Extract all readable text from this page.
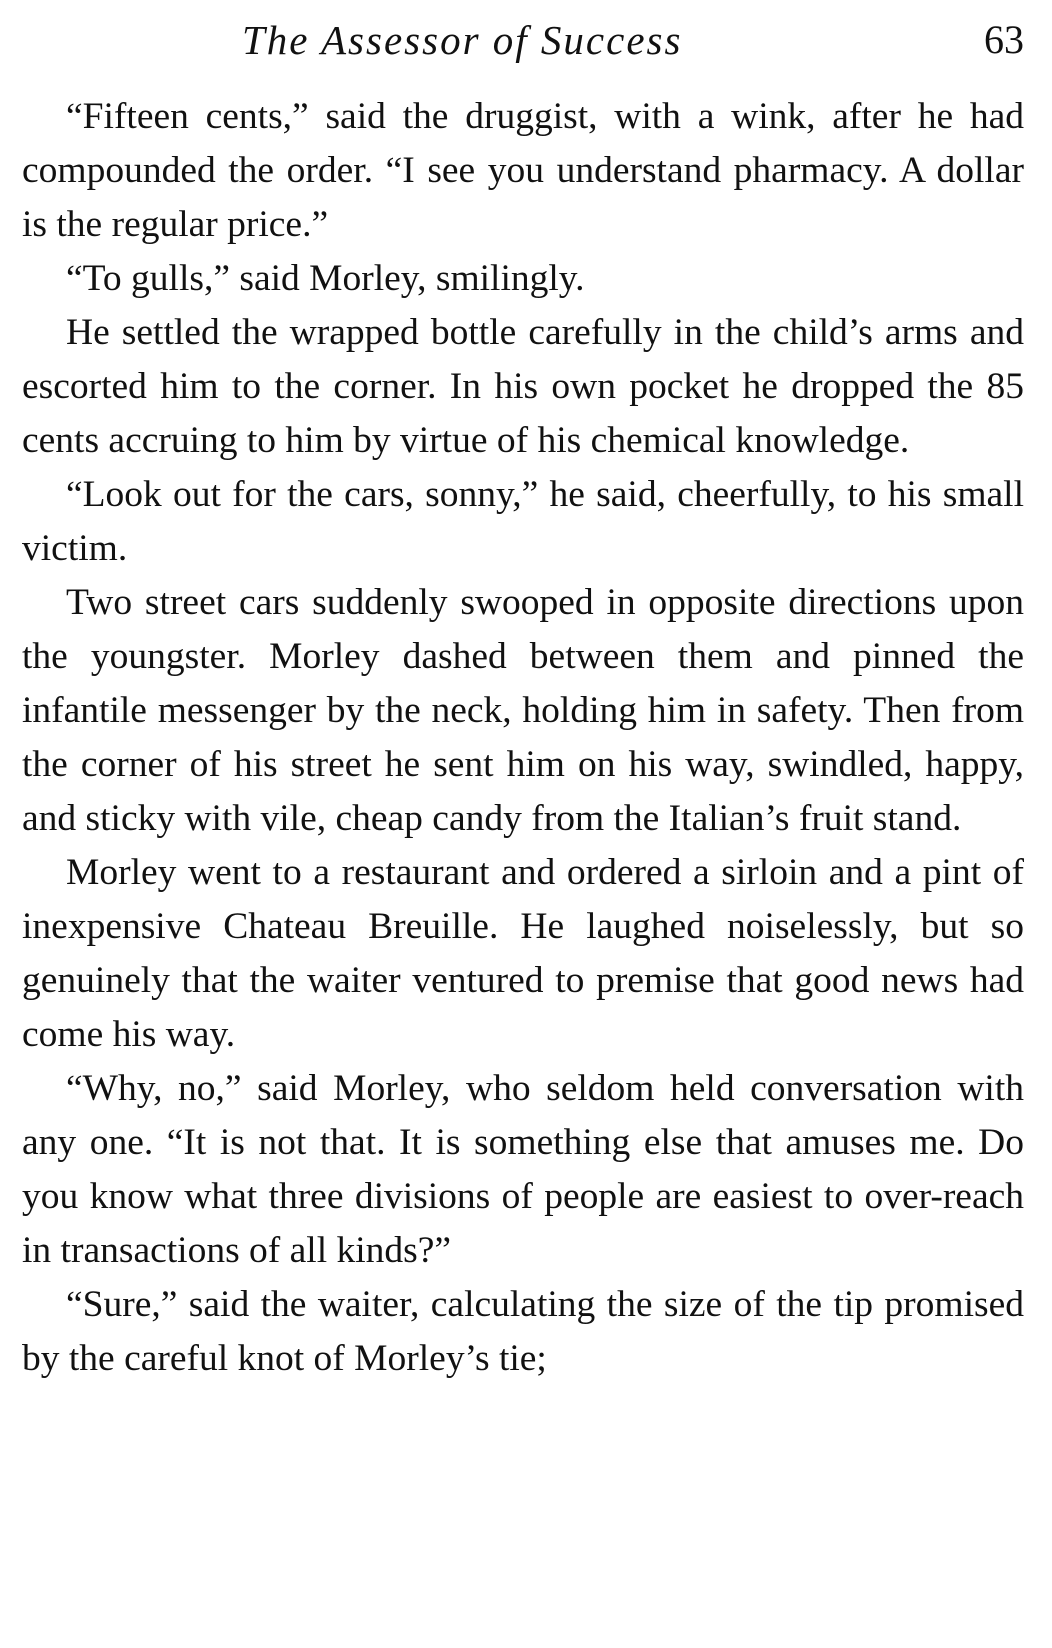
The Assessor of Success	63

“Fifteen cents,” said the druggist, with a wink, after he had compounded the order. “I see you understand pharmacy. A dollar is the regular price.”

“To gulls,” said Morley, smilingly.

He settled the wrapped bottle carefully in the child’s arms and escorted him to the corner. In his own pocket he dropped the 85 cents accruing to him by virtue of his chemical knowledge.

“Look out for the cars, sonny,” he said, cheerfully, to his small victim.

Two street cars suddenly swooped in opposite directions upon the youngster. Morley dashed between them and pinned the infantile messenger by the neck, holding him in safety. Then from the corner of his street he sent him on his way, swindled, happy, and sticky with vile, cheap candy from the Italian’s fruit stand.

Morley went to a restaurant and ordered a sirloin and a pint of inexpensive Chateau Breuille. He laughed noiselessly, but so genuinely that the waiter ventured to premise that good news had come his way.

“Why, no,” said Morley, who seldom held conversation with any one. “It is not that. It is something else that amuses me. Do you know what three divisions of people are easiest to over-reach in transactions of all kinds?”

“Sure,” said the waiter, calculating the size of the tip promised by the careful knot of Morley’s tie;
